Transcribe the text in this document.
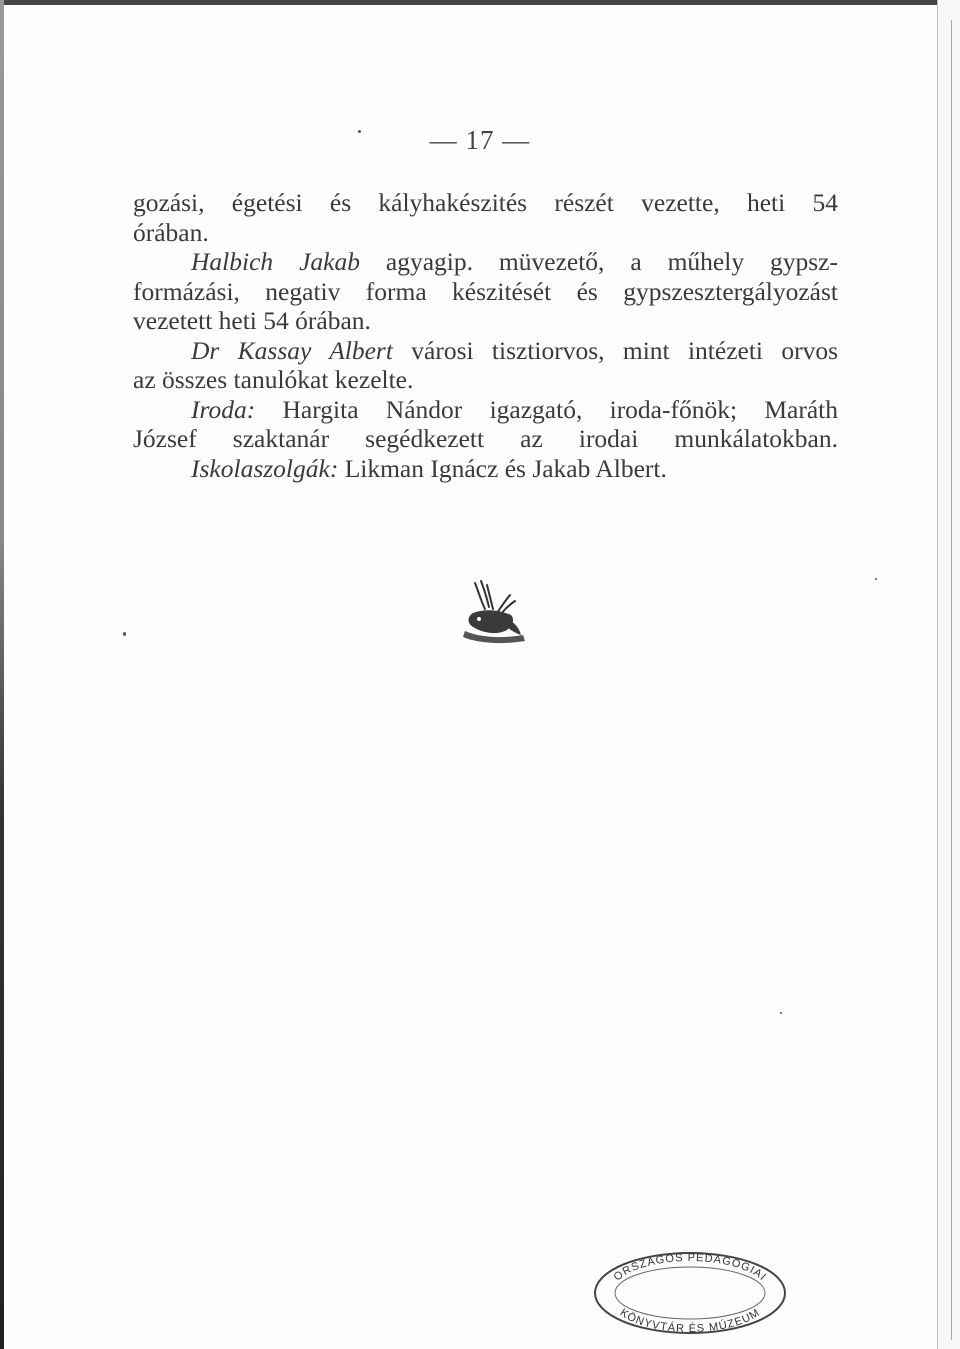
— 17 —
gozási, égetési és kályhakészités részét vezette, heti 54
órában.
Halbich Jakab agyagip. müvezető, a műhely gypsz-
formázási, negativ forma készitését és gypszesztergályozást
vezetett heti 54 órában.
Dr Kassay Albert városi tisztiorvos, mint intézeti orvos
az összes tanulókat kezelte.
Iroda: Hargita Nándor igazgató, iroda-főnök; Maráth
József szaktanár segédkezett az irodai munkálatokban.
Iskolaszolgák: Likman Ignácz és Jakab Albert.
ORSZÁGOS PEDAGÓGIAI
KÖNYVTÁR ÉS MÚZEUM
